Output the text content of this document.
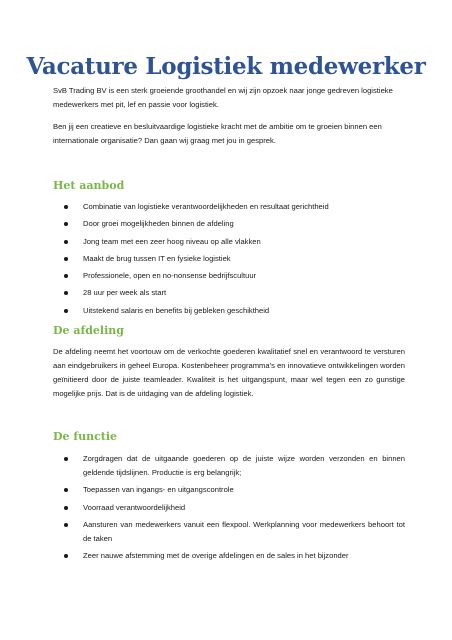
Vacature Logistiek medewerker

SvB Trading BV is een sterk groeiende groothandel en wij zijn opzoek naar jonge gedreven logistieke medewerkers met pit, lef en passie voor logistiek.

Ben jij een creatieve en besluitvaardige logistieke kracht met de ambitie om te groeien binnen een internationale organisatie? Dan gaan wij graag met jou in gesprek.

Het aanbod
Combinatie van logistieke verantwoordelijkheden en resultaat gerichtheid
Door groei mogelijkheden binnen de afdeling
Jong team met een zeer hoog niveau op alle vlakken
Maakt de brug tussen IT en fysieke logistiek
Professionele, open en no-nonsense bedrijfscultuur
28 uur per week als start
Uitstekend salaris en benefits bij gebleken geschiktheid
De afdeling

De afdeling neemt het voortouw om de verkochte goederen kwalitatief snel en verantwoord te versturen aan eindgebruikers in geheel Europa. Kostenbeheer programma’s en innovatieve ontwikkelingen worden geïnitieerd door de juiste teamleader. Kwaliteit is het uitgangspunt, maar wel tegen een zo gunstige mogelijke prijs. Dat is de uitdaging van de afdeling logistiek.

De functie
Zorgdragen dat de uitgaande goederen op de juiste wijze worden verzonden en binnen geldende tijdslijnen. Productie is erg belangrijk;
Toepassen van ingangs- en uitgangscontrole
Voorraad verantwoordelijkheid
Aansturen van medewerkers vanuit een flexpool. Werkplanning voor medewerkers behoort tot de taken
Zeer nauwe afstemming met de overige afdelingen en de sales in het bijzonder
